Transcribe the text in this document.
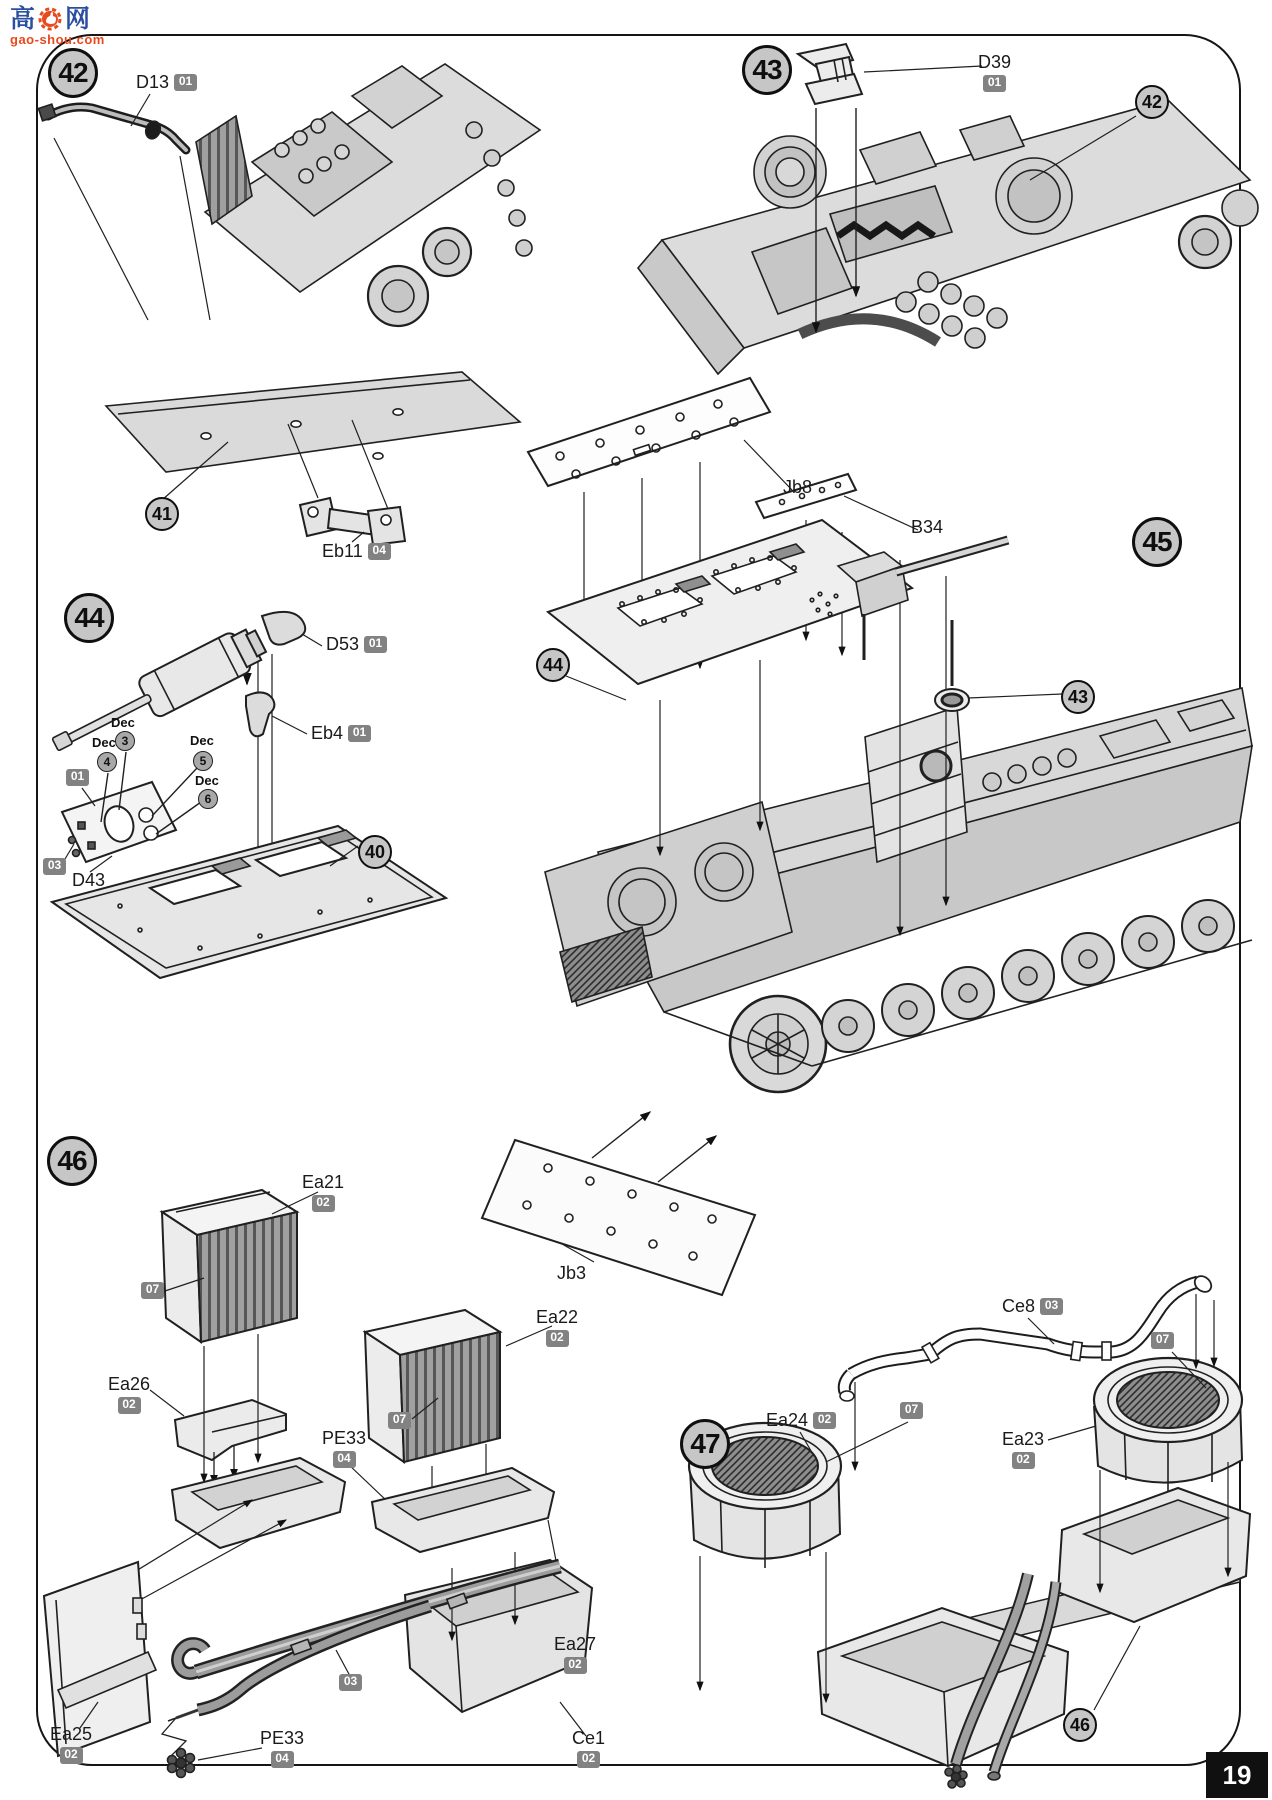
高 网
gao-shou.com
42	43
44
45
46
47
41
42
40
44
43
46
D13 01
Eb11 04
D39
01
Jb8
B34
Jb3
D53 01
Eb4 01
D43
Ea21
02
Ea26
02
Ea22
02
PE33
04
Ea25
02
PE33
04
Ea27
02
Ce1
02
Ce8 03
Ea24 02
Ea23
02
01
03
07
07
03
07
07
Dec
3
Dec
4
Dec
5
Dec
6
19
